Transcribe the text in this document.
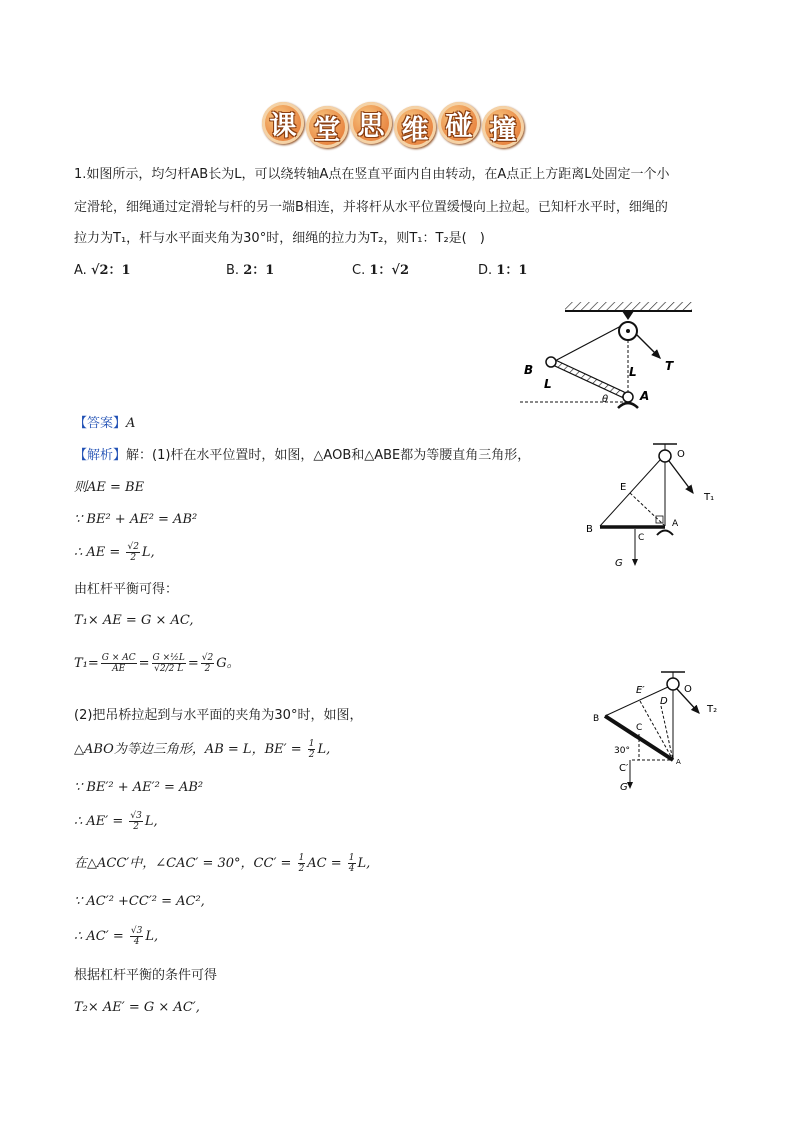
课 堂 思 维 碰 撞
1.如图所示，均匀杆AB长为L，可以绕转轴A点在竖直平面内自由转动，在A点正上方距离L处固定一个小
定滑轮，细绳通过定滑轮与杆的另一端B相连，并将杆从水平位置缓慢向上拉起。已知杆水平时，细绳的
拉力为T₁，杆与水平面夹角为30°时，细绳的拉力为T₂，则T₁：T₂是(　)
A. √2：1	B. 2：1	C. 1：√2	D. 1：1
B
L
L
A
T
θ
【答案】A
【解析】解：(1)杆在水平位置时，如图，△AOB和△ABE都为等腰直角三角形，
则AE = BE
∵ BE² + AE² = AB²
∴ AE = $\frac{√2}{2} L$,
由杠杆平衡可得：
T₁× AE = G × AC,
$T_1= \frac{G \times AC}{AE} = \frac{\text{G ×½L}}{√2/2 L} = \frac{√2}{2}$ G。
E
O
T₁
B	A
C
G
(2)把吊桥拉起到与水平面的夹角为30°时，如图，
△ABO为等边三角形，AB = L，$BE' = \frac{1}{2} L$,
∵ BE′² + AE′² = AB²
∴ $AE' = \frac{√3}{2} L$,
在△ACC′中，∠CAC′ = 30°，$CC' = \frac{1}{2}$ AC = $\frac{1}{4} L$,
∵ AC′² +CC′² = AC²,
∴ $AC' = \frac{√3}{4} L$,
根据杠杆平衡的条件可得
T₂× AE′ = G × AC′,
E′	O
D
T₂
B
C
30°
C′
A
G
